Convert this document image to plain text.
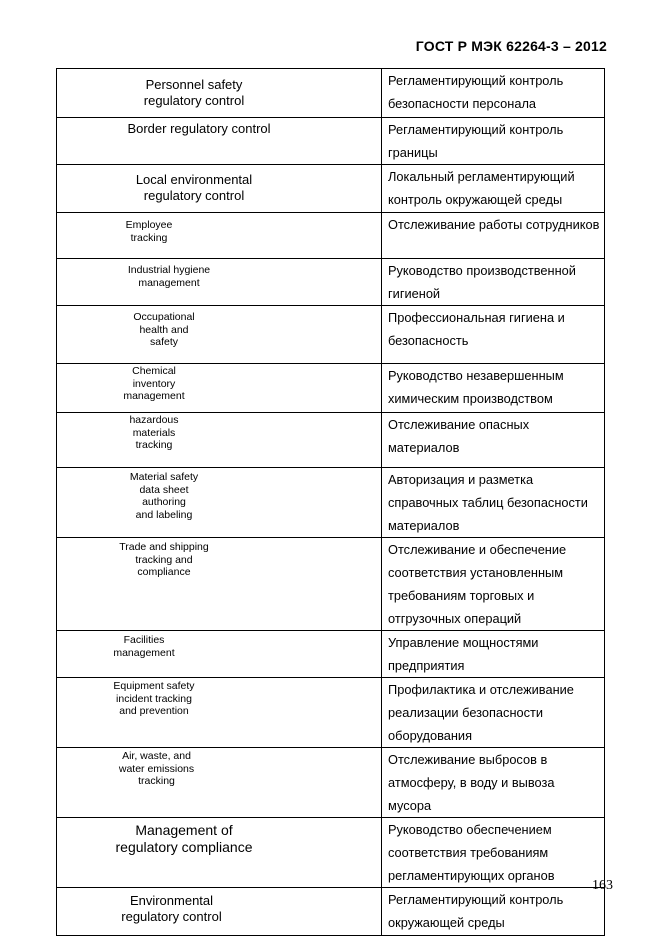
ГОСТ Р МЭК 62264-3 – 2012
Personnel safety
regulatory control	Регламентирующий контроль безопасности персонала
Border regulatory control	Регламентирующий контроль границы
Local environmental
regulatory control	Локальный регламентирующий контроль окружающей среды
Employee
tracking	Отслеживание работы сотрудников
Industrial hygiene
management	Руководство производственной гигиеной
Occupational
health and
safety	Профессиональная гигиена и безопасность
Chemical
inventory
management	Руководство незавершенным химическим производством
hazardous
materials
tracking	Отслеживание опасных материалов
Material safety
data sheet
authoring
and labeling	Авторизация и разметка справочных таблиц безопасности материалов
Trade and shipping
tracking and
compliance	Отслеживание и обеспечение соответствия установленным требованиям торговых и отгрузочных операций
Facilities
management	Управление мощностями предприятия
Equipment safety
incident tracking
and prevention	Профилактика и отслеживание реализации безопасности оборудования
Air, waste, and
water emissions
tracking	Отслеживание выбросов в атмосферу, в воду и вывоза мусора
Management of
regulatory compliance	Руководство обеспечением соответствия требованиям регламентирующих органов
Environmental
regulatory control	Регламентирующий контроль окружающей среды
163
